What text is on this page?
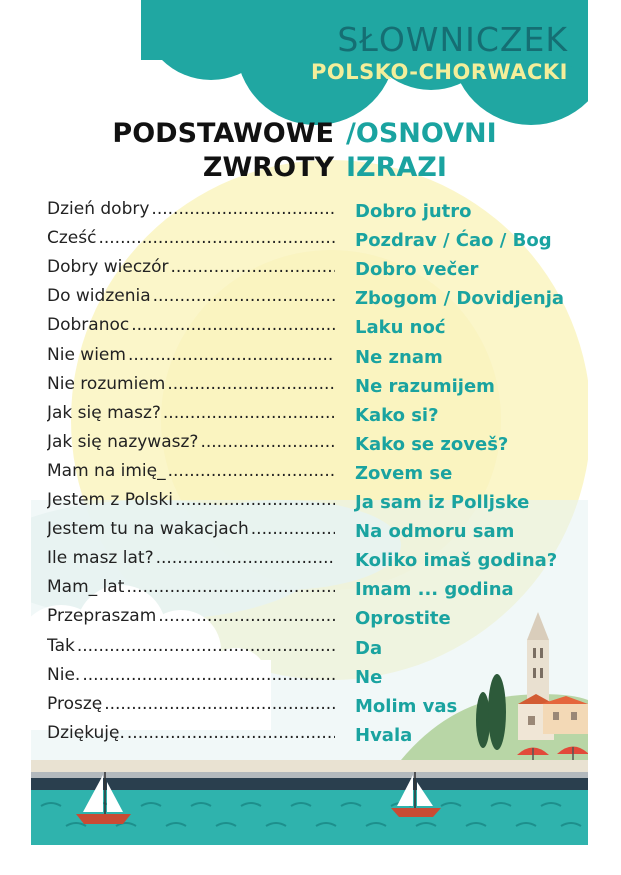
SŁOWNICZEK
POLSKO-CHORWACKI
PODSTAWOWE
ZWROTY
/OSNOVNI
IZRAZI
Dzień dobry .....	Dobro jutro
Cześć .....	Pozdrav / Ćao / Bog
Dobry wieczór .....	Dobro večer
Do widzenia .....	Zbogom / Dovidjenja
Dobranoc .....	Laku noć
Nie wiem .....	Ne znam
Nie rozumiem .....	Ne razumijem
Jak się masz? .....	Kako si?
Jak się nazywasz? .....	Kako se zoveš?
Mam na imię_ .....	Zovem se
Jestem z Polski .....	Ja sam iz Polljske
Jestem tu na wakacjach .....	Na odmoru sam
Ile masz lat? .....	Koliko imaš godina?
Mam_ lat .....	Imam ... godina
Przepraszam .....	Oprostite
Tak .....	Da
Nie. .....	Ne
Proszę .....	Molim vas
Dziękuję. .....	Hvala
